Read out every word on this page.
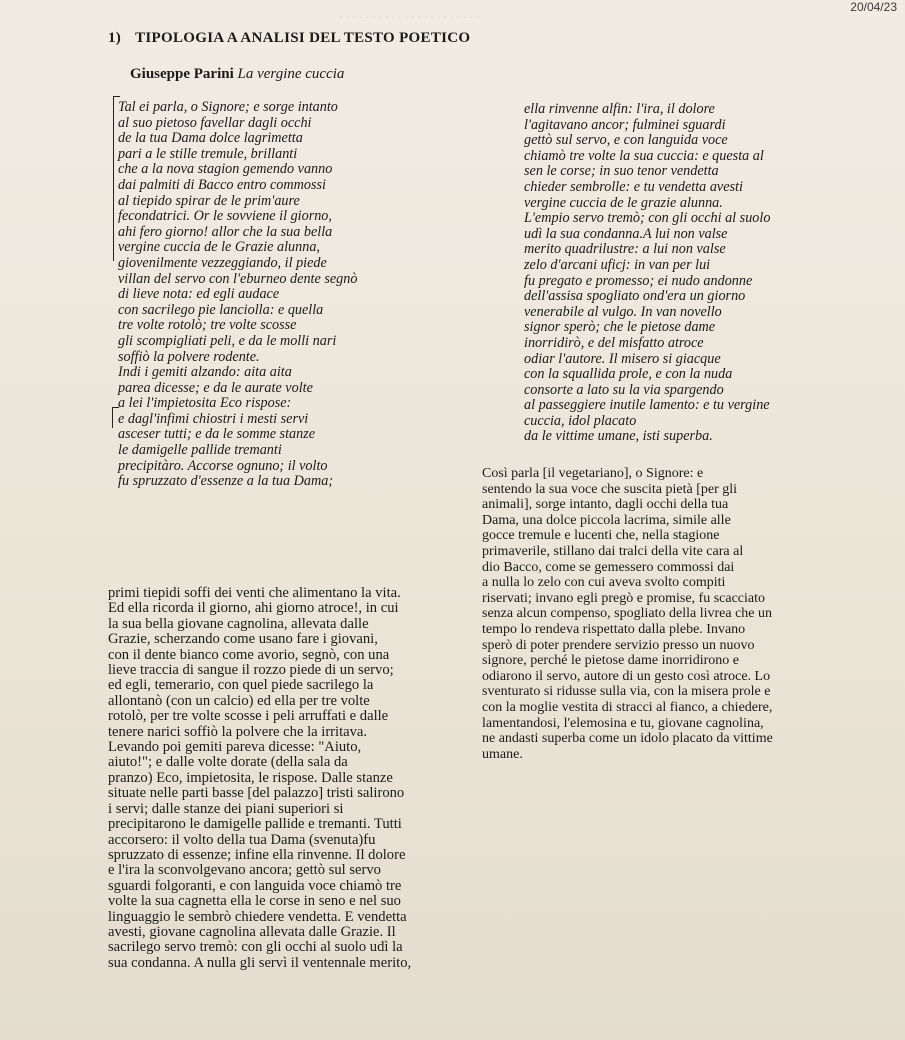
20/04/23
1) TIPOLOGIA A ANALISI DEL TESTO POETICO
Giuseppe Parini La vergine cuccia
Tal ei parla, o Signore; e sorge intanto
al suo pietoso favellar dagli occhi
de la tua Dama dolce lagrimetta
pari a le stille tremule, brillanti
che a la nova stagion gemendo vanno
dai palmiti di Bacco entro commossi
al tiepido spirar de le prim'aure
fecondatrici. Or le sovviene il giorno,
ahi fero giorno! allor che la sua bella
vergine cuccia de le Grazie alunna,
giovenilmente vezzeggiando, il piede
villan del servo con l'eburneo dente segnò
di lieve nota: ed egli audace
con sacrilego pie lanciolla: e quella
tre volte rotolò; tre volte scosse
gli scompigliati peli, e da le molli nari
soffiò la polvere rodente.
Indi i gemiti alzando: aita aita
parea dicesse; e da le aurate volte
a lei l'impietosita Eco rispose:
e dagl'infimi chiostri i mesti servi
asceser tutti; e da le somme stanze
le damigelle pallide tremanti
precipitàro. Accorse ognuno; il volto
fu spruzzato d'essenze a la tua Dama;
ella rinvenne alfin: l'ira, il dolore
l'agitavano ancor; fulminei sguardi
gettò sul servo, e con languida voce
chiamò tre volte la sua cuccia: e questa al
sen le corse; in suo tenor vendetta
chieder sembrolle: e tu vendetta avesti
vergine cuccia de le grazie alunna.
L'empio servo tremò; con gli occhi al suolo
udì la sua condanna.A lui non valse
merito quadrilustre: a lui non valse
zelo d'arcani uficj: in van per lui
fu pregato e promesso; ei nudo andonne
dell'assisa spogliato ond'era un giorno
venerabile al vulgo. In van novello
signor sperò; che le pietose dame
inorridirò, e del misfatto atroce
odiar l'autore. Il misero si giacque
con la squallida prole, e con la nuda
consorte a lato su la via spargendo
al passeggiere inutile lamento: e tu vergine
cuccia, idol placato
da le vittime umane, isti superba.
primi tiepidi soffi dei venti che alimentano la vita.
Ed ella ricorda il giorno, ahi giorno atroce!, in cui
la sua bella giovane cagnolina, allevata dalle
Grazie, scherzando come usano fare i giovani,
con il dente bianco come avorio, segnò, con una
lieve traccia di sangue il rozzo piede di un servo;
ed egli, temerario, con quel piede sacrilego la
allontanò (con un calcio) ed ella per tre volte
rotolò, per tre volte scosse i peli arruffati e dalle
tenere narici soffiò la polvere che la irritava.
Levando poi gemiti pareva dicesse: "Aiuto,
aiuto!"; e dalle volte dorate (della sala da
pranzo) Eco, impietosita, le rispose. Dalle stanze
situate nelle parti basse [del palazzo] tristi salirono
i servi; dalle stanze dei piani superiori si
precipitarono le damigelle pallide e tremanti. Tutti
accorsero: il volto della tua Dama (svenuta)fu
spruzzato di essenze; infine ella rinvenne. Il dolore
e l'ira la sconvolgevano ancora; gettò sul servo
sguardi folgoranti, e con languida voce chiamò tre
volte la sua cagnetta ella le corse in seno e nel suo
linguaggio le sembrò chiedere vendetta. E vendetta
avesti, giovane cagnolina allevata dalle Grazie. Il
sacrilego servo tremò: con gli occhi al suolo udì la
sua condanna. A nulla gli servì il ventennale merito,
Così parla [il vegetariano], o Signore: e
sentendo la sua voce che suscita pietà [per gli
animali], sorge intanto, dagli occhi della tua
Dama, una dolce piccola lacrima, simile alle
gocce tremule e lucenti che, nella stagione
primaverile, stillano dai tralci della vite cara al
dio Bacco, come se gemessero commossi dai
a nulla lo zelo con cui aveva svolto compiti
riservati; invano egli pregò e promise, fu scacciato
senza alcun compenso, spogliato della livrea che un
tempo lo rendeva rispettato dalla plebe. Invano
sperò di poter prendere servizio presso un nuovo
signore, perché le pietose dame inorridirono e
odiarono il servo, autore di un gesto così atroce. Lo
sventurato si ridusse sulla via, con la misera prole e
con la moglie vestita di stracci al fianco, a chiedere,
lamentandosi, l'elemosina e tu, giovane cagnolina,
ne andasti superba come un idolo placato da vittime
umane.
. . . . . . . . . . . . . . . . . . . . . .
